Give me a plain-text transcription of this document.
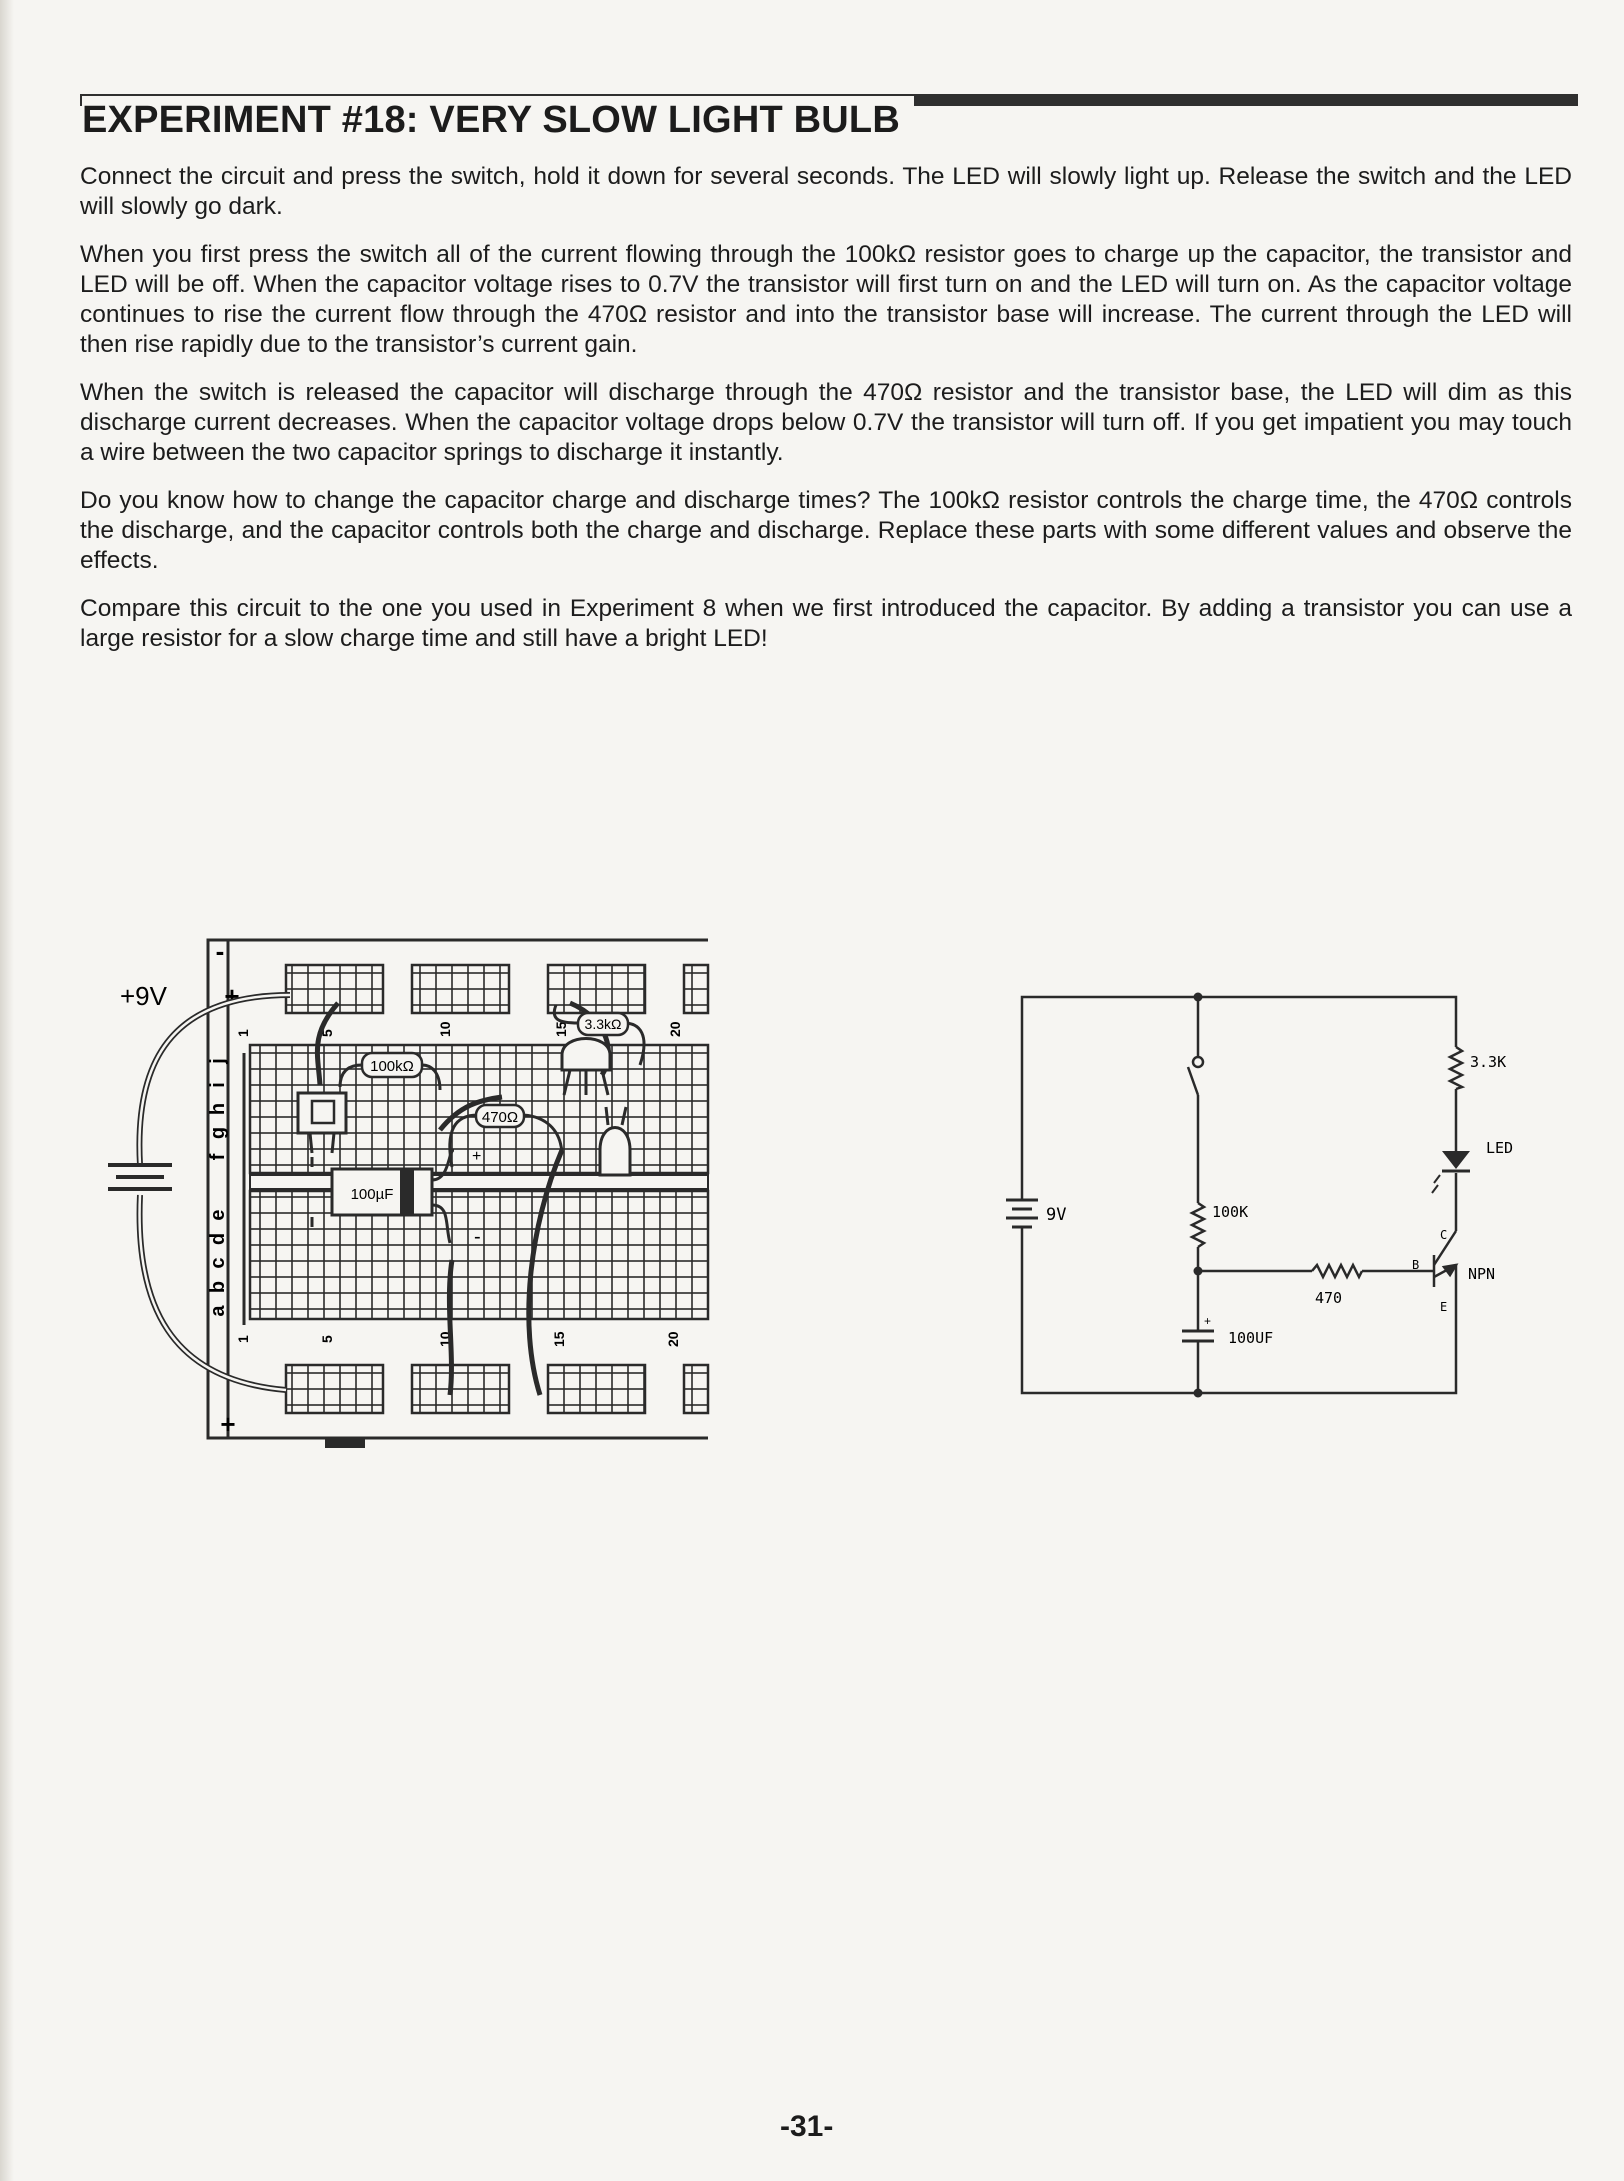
EXPERIMENT #18: VERY SLOW LIGHT BULB

Connect the circuit and press the switch, hold it down for several seconds. The LED will slowly light up. Release the switch and the LED will slowly go dark.

When you first press the switch all of the current flowing through the 100kΩ resistor goes to charge up the capacitor, the transistor and LED will be off. When the capacitor voltage rises to 0.7V the transistor will first turn on and the LED will turn on. As the capacitor voltage continues to rise the current flow through the 470Ω resistor and into the transistor base will increase. The current through the LED will then rise rapidly due to the transistor’s current gain.

When the switch is released the capacitor will discharge through the 470Ω resistor and the transistor base, the LED will dim as this discharge current decreases. When the capacitor voltage drops below 0.7V the transistor will turn off. If you get impatient you may touch a wire between the two capacitor springs to discharge it instantly.

Do you know how to change the capacitor charge and discharge times? The 100kΩ resistor controls the charge time, the 470Ω controls the discharge, and the capacitor controls both the charge and discharge. Replace these parts with some different values and observe the effects.

Compare this circuit to the one you used in Experiment 8 when we first introduced the capacitor. By adding a transistor you can use a large resistor for a slow charge time and still have a bright LED!

-
+
-
+
j
i
h
g
f
e
d
c
b
a
1	5	10	15	20
1	5	10	15	20
+9V
100kΩ
470Ω
3.3kΩ
100µF
+
-
9V	100K
470
3.3K
LED
B
C
E
NPN
+
100UF
-31-
